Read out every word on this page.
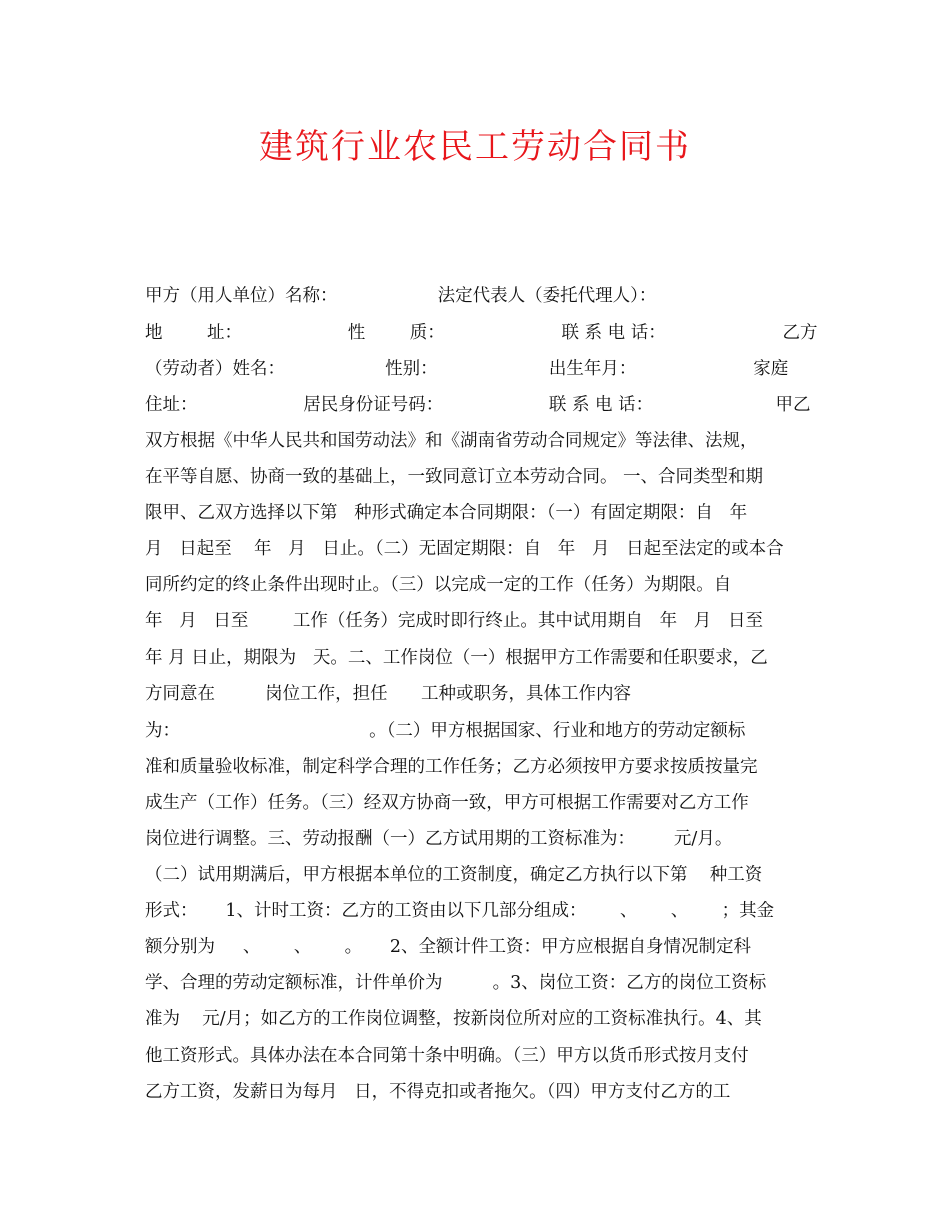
建筑行业农民工劳动合同书
甲方（用人单位）名称：                  法定代表人（委托代理人）：
地        址：                   性        质：                     联 系 电 话：                     乙方
（劳动者）姓名：                  性别：                    出生年月：                     家庭
住址：                   居民身份证号码：                   联 系 电 话：                      甲乙
双方根据《中华人民共和国劳动法》和《湖南省劳动合同规定》等法律、法规，
在平等自愿、协商一致的基础上，一致同意订立本劳动合同。 一、合同类型和期
限甲、乙双方选择以下第   种形式确定本合同期限：（一）有固定期限：自   年
月   日起至    年   月   日止。（二）无固定期限：自   年   月   日起至法定的或本合
同所约定的终止条件出现时止。（三）以完成一定的工作（任务）为期限。自
年   月   日至        工作（任务）完成时即行终止。其中试用期自   年   月   日至
年 月 日止，期限为   天。二、工作岗位（一）根据甲方工作需要和任职要求，乙
方同意在         岗位工作，担任      工种或职务，具体工作内容
为：                                  。（二）甲方根据国家、行业和地方的劳动定额标
准和质量验收标准，制定科学合理的工作任务；乙方必须按甲方要求按质按量完
成生产（工作）任务。（三）经双方协商一致，甲方可根据工作需要对乙方工作
岗位进行调整。三、劳动报酬（一）乙方试用期的工资标准为：       元/月。
（二）试用期满后，甲方根据本单位的工资制度，确定乙方执行以下第    种工资
形式：     1、计时工资：乙方的工资由以下几部分组成：      、      、      ；其金
额分别为     、      、      。     2、全额计件工资：甲方应根据自身情况制定科
学、合理的劳动定额标准，计件单价为         。3、岗位工资：乙方的岗位工资标
准为    元/月；如乙方的工作岗位调整，按新岗位所对应的工资标准执行。4、其
他工资形式。具体办法在本合同第十条中明确。（三）甲方以货币形式按月支付
乙方工资，发薪日为每月   日，不得克扣或者拖欠。（四）甲方支付乙方的工
